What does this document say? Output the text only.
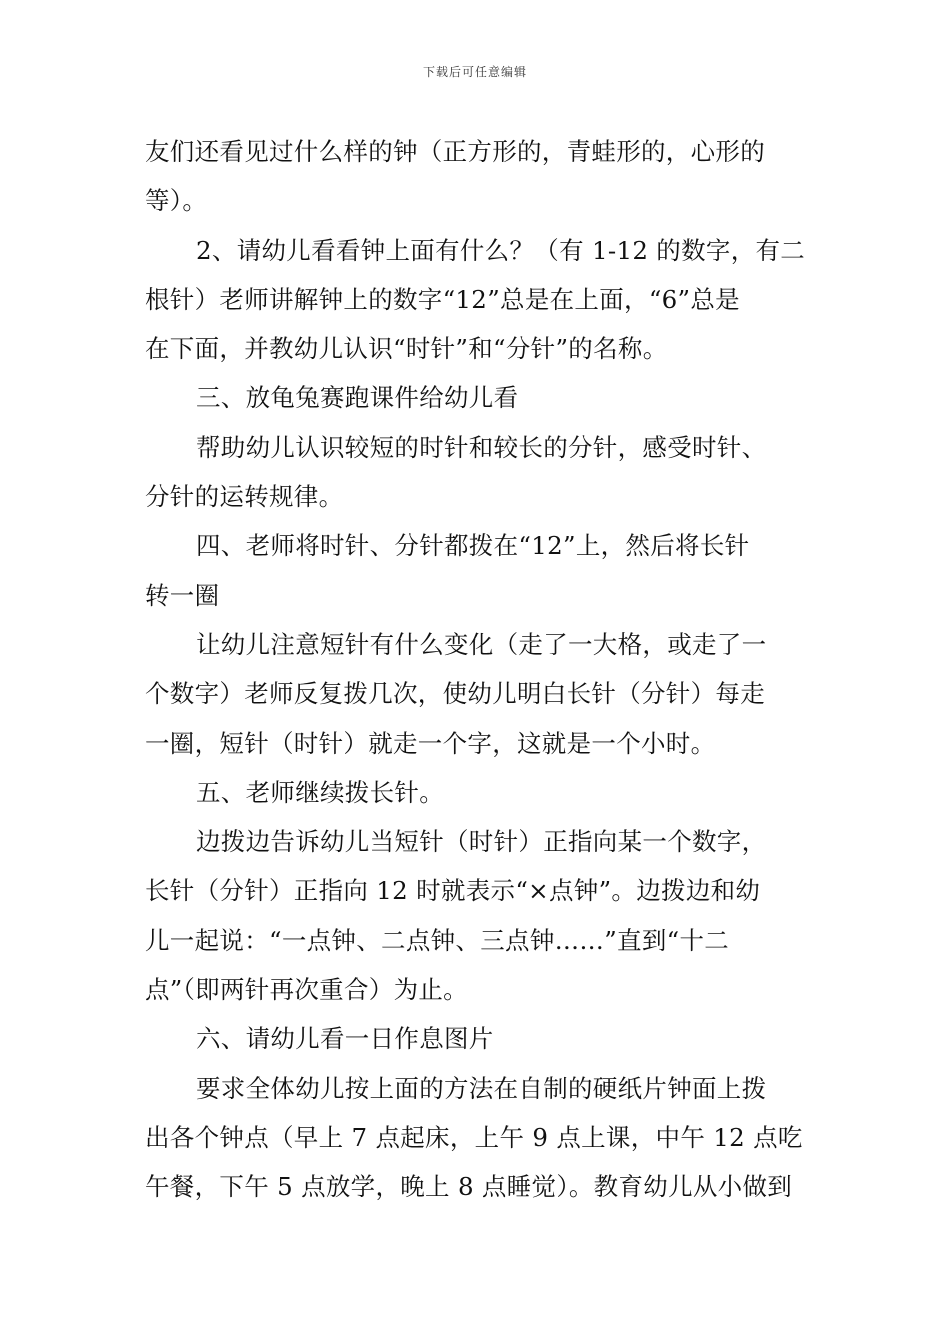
下载后可任意编辑
友们还看见过什么样的钟（正方形的，青蛙形的，心形的
等）。
2、请幼儿看看钟上面有什么？（有 1-12 的数字，有二
根针）老师讲解钟上的数字“12”总是在上面，“6”总是
在下面，并教幼儿认识“时针”和“分针”的名称。
三、放龟兔赛跑课件给幼儿看
帮助幼儿认识较短的时针和较长的分针，感受时针、
分针的运转规律。
四、老师将时针、分针都拨在“12”上，然后将长针
转一圈
让幼儿注意短针有什么变化（走了一大格，或走了一
个数字）老师反复拨几次，使幼儿明白长针（分针）每走
一圈，短针（时针）就走一个字，这就是一个小时。
五、老师继续拨长针。
边拨边告诉幼儿当短针（时针）正指向某一个数字，
长针（分针）正指向 12 时就表示“×点钟”。边拨边和幼
儿一起说：“一点钟、二点钟、三点钟……”直到“十二
点”（即两针再次重合）为止。
六、请幼儿看一日作息图片
要求全体幼儿按上面的方法在自制的硬纸片钟面上拨
出各个钟点（早上 7 点起床，上午 9 点上课，中午 12 点吃
午餐，下午 5 点放学，晚上 8 点睡觉）。教育幼儿从小做到
